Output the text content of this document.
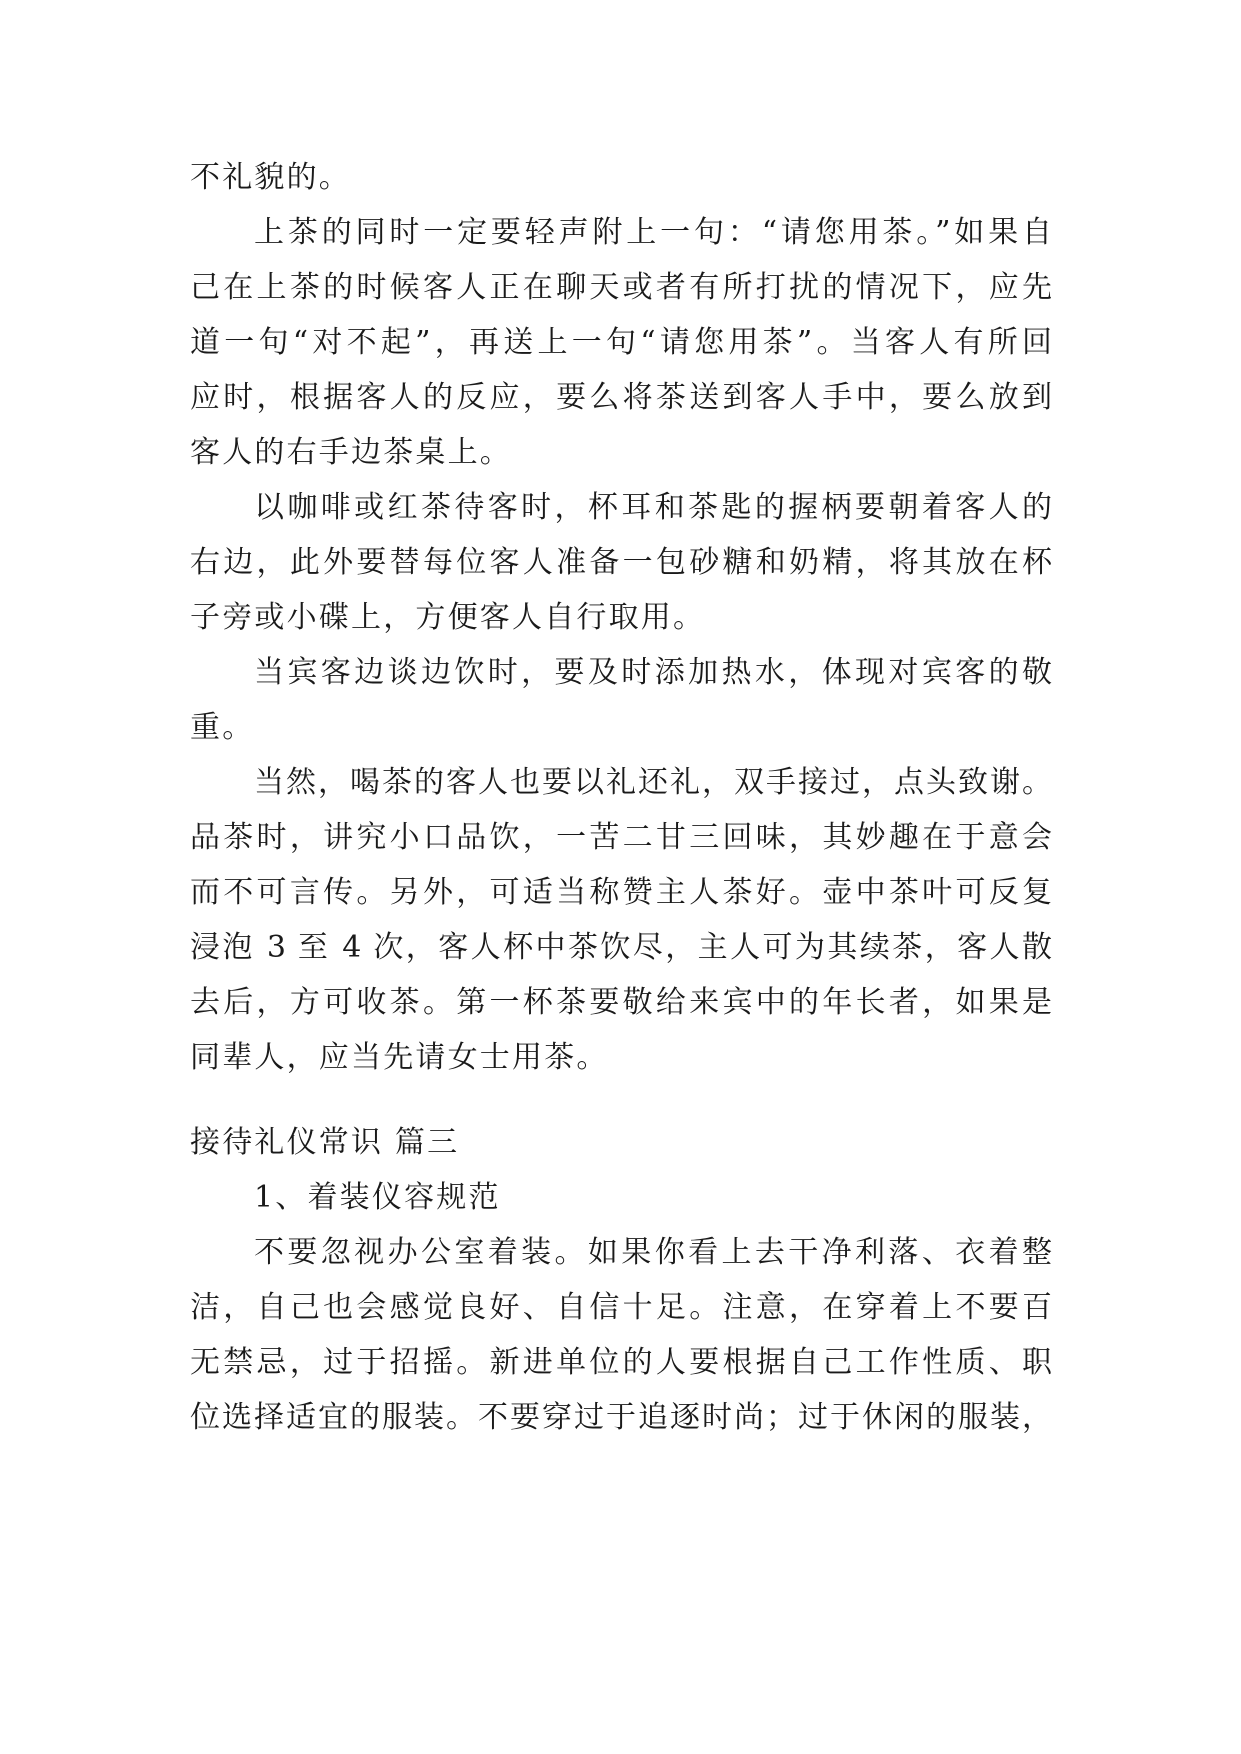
不礼貌的。
上茶的同时一定要轻声附上一句：“请您用茶。”如果自
己在上茶的时候客人正在聊天或者有所打扰的情况下，应先
道一句“对不起”，再送上一句“请您用茶”。当客人有所回
应时，根据客人的反应，要么将茶送到客人手中，要么放到
客人的右手边茶桌上。
以咖啡或红茶待客时，杯耳和茶匙的握柄要朝着客人的
右边，此外要替每位客人准备一包砂糖和奶精，将其放在杯
子旁或小碟上，方便客人自行取用。
当宾客边谈边饮时，要及时添加热水，体现对宾客的敬
重。
当然，喝茶的客人也要以礼还礼，双手接过，点头致谢。
品茶时，讲究小口品饮，一苦二甘三回味，其妙趣在于意会
而不可言传。另外，可适当称赞主人茶好。壶中茶叶可反复
浸泡 3 至 4 次，客人杯中茶饮尽，主人可为其续茶，客人散
去后，方可收茶。第一杯茶要敬给来宾中的年长者，如果是
同辈人，应当先请女士用茶。
接待礼仪常识 篇三
1、着装仪容规范
不要忽视办公室着装。如果你看上去干净利落、衣着整
洁，自己也会感觉良好、自信十足。注意，在穿着上不要百
无禁忌，过于招摇。新进单位的人要根据自己工作性质、职
位选择适宜的服装。不要穿过于追逐时尚；过于休闲的服装，
